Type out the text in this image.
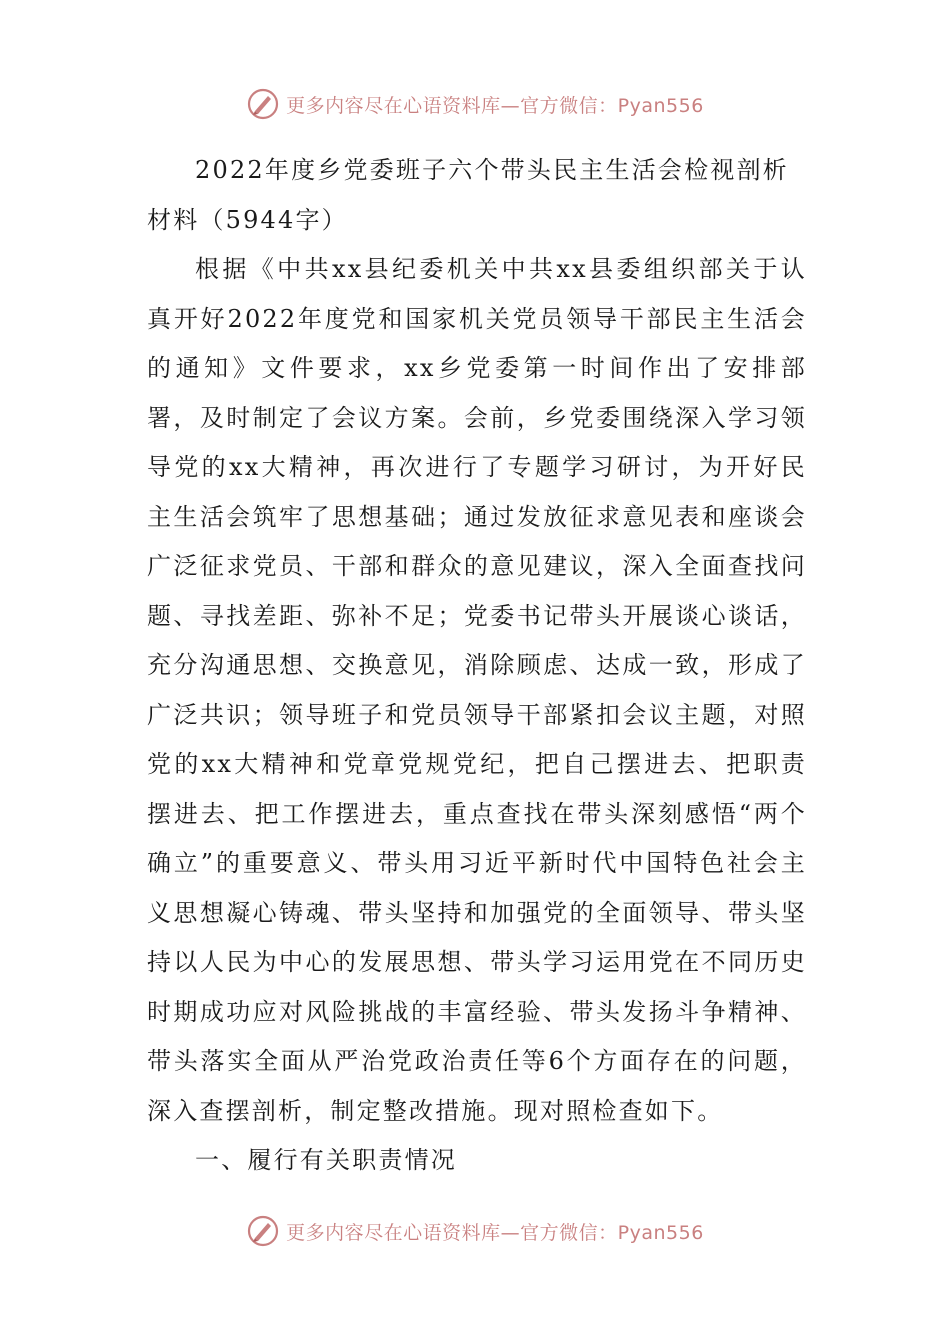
更多内容尽在心语资料库—官方微信：Pyan556

2022年度乡党委班子六个带头民主生活会检视剖析材料（5944字）

根据《中共xx县纪委机关中共xx县委组织部关于认真开好2022年度党和国家机关党员领导干部民主生活会的通知》文件要求，xx乡党委第一时间作出了安排部署，及时制定了会议方案。会前，乡党委围绕深入学习领导党的xx大精神，再次进行了专题学习研讨，为开好民主生活会筑牢了思想基础；通过发放征求意见表和座谈会广泛征求党员、干部和群众的意见建议，深入全面查找问题、寻找差距、弥补不足；党委书记带头开展谈心谈话，充分沟通思想、交换意见，消除顾虑、达成一致，形成了广泛共识；领导班子和党员领导干部紧扣会议主题，对照党的xx大精神和党章党规党纪，把自己摆进去、把职责摆进去、把工作摆进去，重点查找在带头深刻感悟“两个确立”的重要意义、带头用习近平新时代中国特色社会主义思想凝心铸魂、带头坚持和加强党的全面领导、带头坚持以人民为中心的发展思想、带头学习运用党在不同历史时期成功应对风险挑战的丰富经验、带头发扬斗争精神、带头落实全面从严治党政治责任等6个方面存在的问题，深入查摆剖析，制定整改措施。现对照检查如下。

一、履行有关职责情况

更多内容尽在心语资料库—官方微信：Pyan556
